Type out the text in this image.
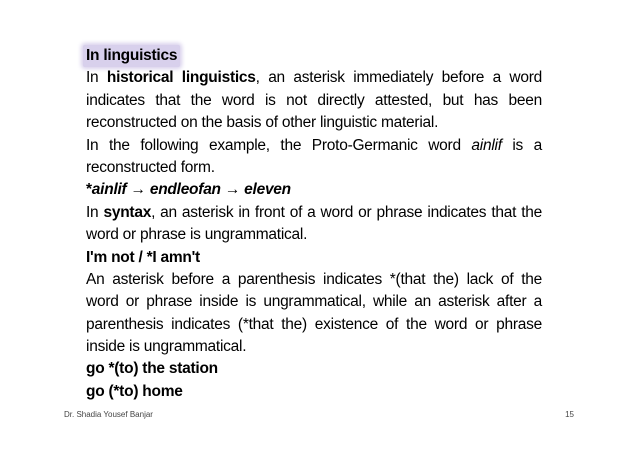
In linguistics
In historical linguistics, an asterisk immediately before a word
indicates that the word is not directly attested, but has been
reconstructed on the basis of other linguistic material.
In the following example, the Proto-Germanic word ainlif is a
reconstructed form.
*ainlif → endleofan → eleven
In syntax, an asterisk in front of a word or phrase indicates that the
word or phrase is ungrammatical.
I'm not / *I amn't
An asterisk before a parenthesis indicates *(that the) lack of the
word or phrase inside is ungrammatical, while an asterisk after a
parenthesis indicates (*that the) existence of the word or phrase
inside is ungrammatical.
go *(to) the station
go (*to) home
Dr. Shadia Yousef Banjar	15
